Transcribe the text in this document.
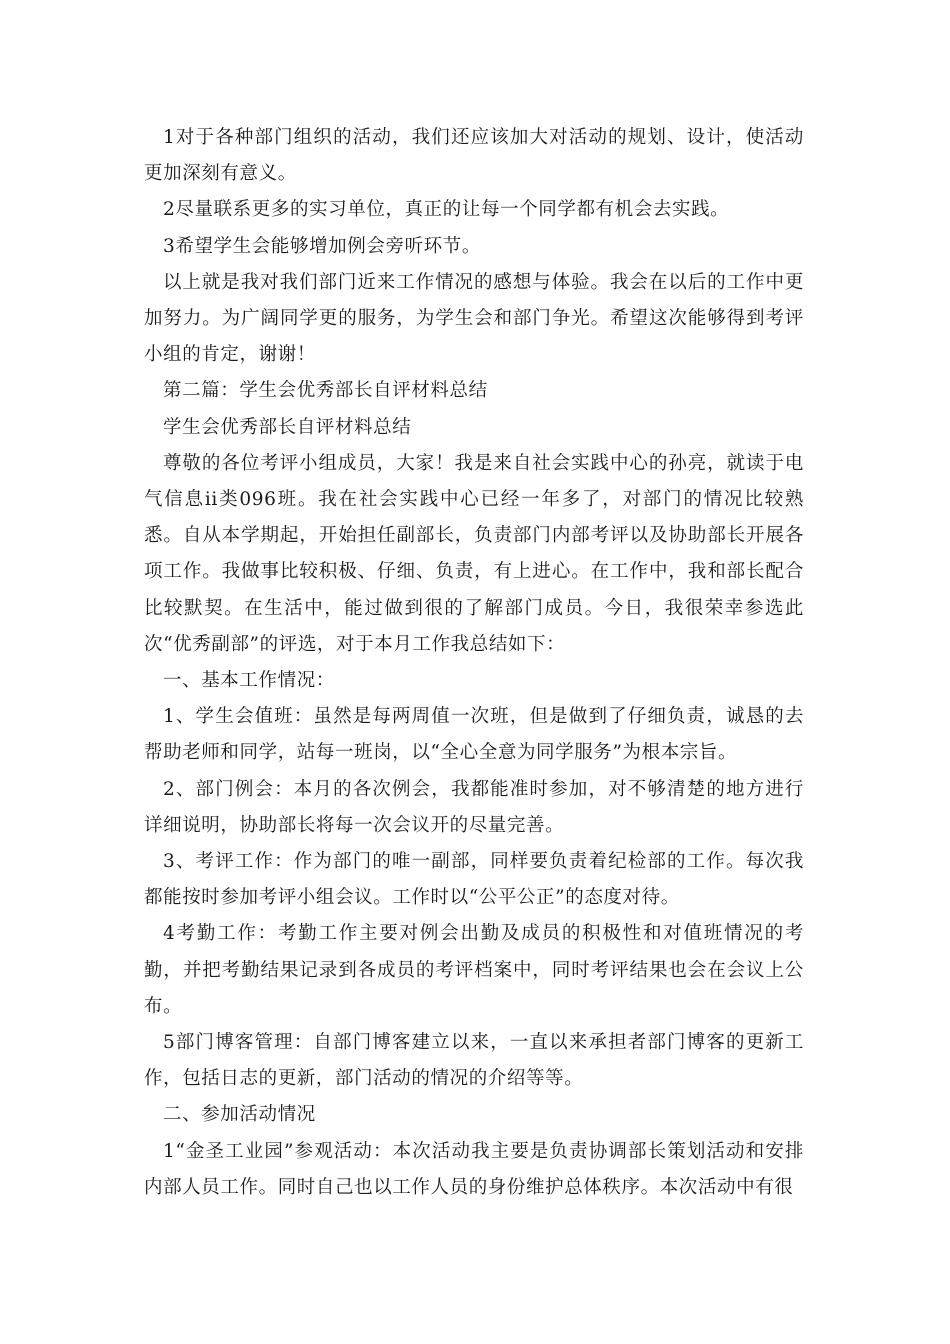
1对于各种部门组织的活动，我们还应该加大对活动的规划、设计，使活动更加深刻有意义。

2尽量联系更多的实习单位，真正的让每一个同学都有机会去实践。

3希望学生会能够增加例会旁听环节。

以上就是我对我们部门近来工作情况的感想与体验。我会在以后的工作中更加努力。为广阔同学更的服务，为学生会和部门争光。希望这次能够得到考评小组的肯定，谢谢！

第二篇：学生会优秀部长自评材料总结

学生会优秀部长自评材料总结

尊敬的各位考评小组成员，大家！我是来自社会实践中心的孙亮，就读于电气信息ii类096班。我在社会实践中心已经一年多了，对部门的情况比较熟悉。自从本学期起，开始担任副部长，负责部门内部考评以及协助部长开展各项工作。我做事比较积极、仔细、负责，有上进心。在工作中，我和部长配合比较默契。在生活中，能过做到很的了解部门成员。今日，我很荣幸参选此次“优秀副部”的评选，对于本月工作我总结如下：

一、基本工作情况：

1、学生会值班：虽然是每两周值一次班，但是做到了仔细负责，诚恳的去帮助老师和同学，站每一班岗，以“全心全意为同学服务”为根本宗旨。

2、部门例会：本月的各次例会，我都能准时参加，对不够清楚的地方进行详细说明，协助部长将每一次会议开的尽量完善。

3、考评工作：作为部门的唯一副部，同样要负责着纪检部的工作。每次我都能按时参加考评小组会议。工作时以“公平公正”的态度对待。

4考勤工作：考勤工作主要对例会出勤及成员的积极性和对值班情况的考勤，并把考勤结果记录到各成员的考评档案中，同时考评结果也会在会议上公布。

5部门博客管理：自部门博客建立以来，一直以来承担者部门博客的更新工作，包括日志的更新，部门活动的情况的介绍等等。

二、参加活动情况

1“金圣工业园”参观活动：本次活动我主要是负责协调部长策划活动和安排内部人员工作。同时自己也以工作人员的身份维护总体秩序。本次活动中有很
